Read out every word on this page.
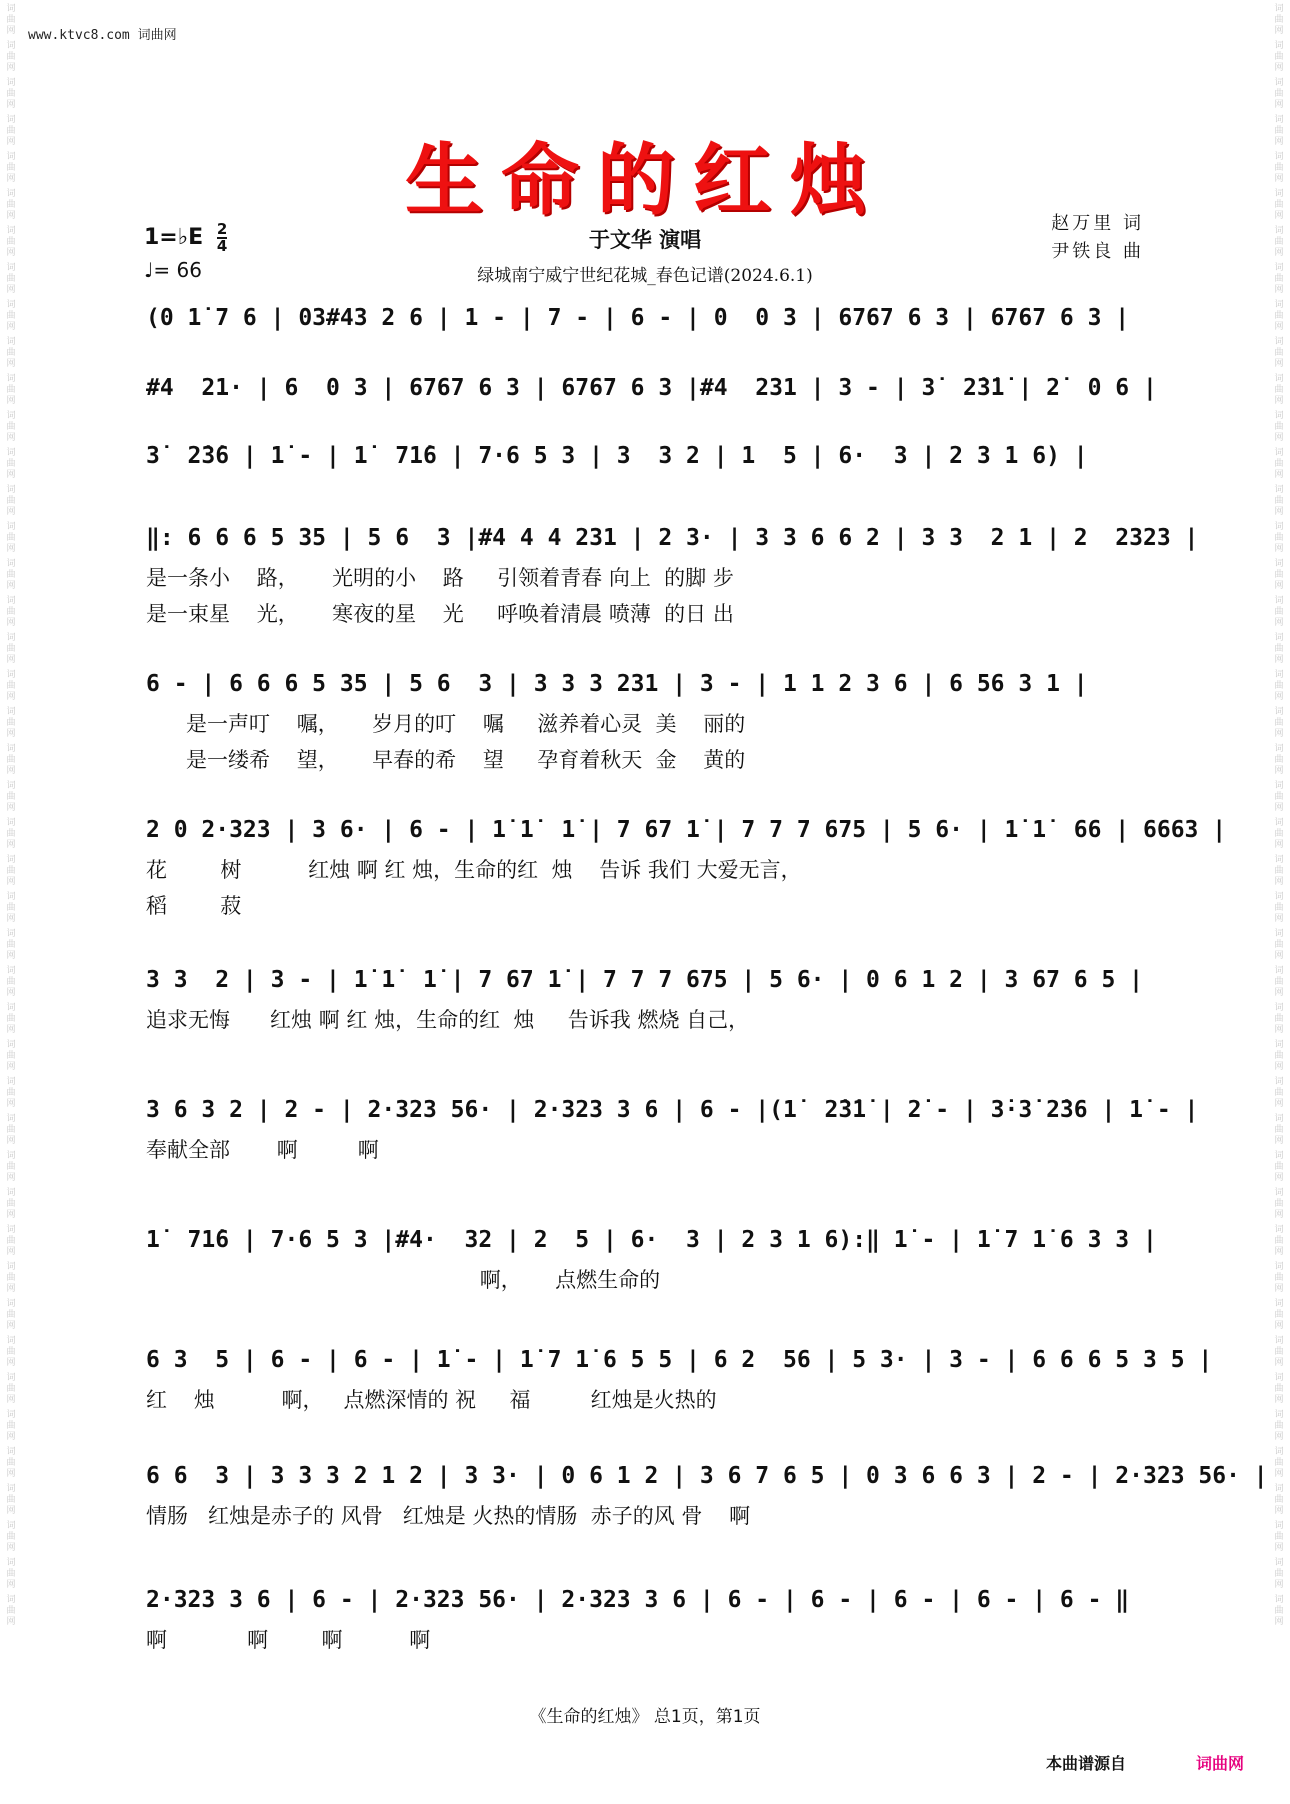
词曲网
词曲网
词曲网
词曲网
词曲网
词曲网
词曲网
词曲网
词曲网
词曲网
词曲网
词曲网
词曲网
词曲网
词曲网
词曲网
词曲网
词曲网
词曲网
词曲网
词曲网
词曲网
词曲网
词曲网
词曲网
词曲网
词曲网
词曲网
词曲网
词曲网
词曲网
词曲网
词曲网
词曲网
词曲网
词曲网
词曲网
词曲网
词曲网
词曲网
词曲网
词曲网
词曲网
词曲网
词曲网
词曲网
词曲网
词曲网
词曲网
词曲网
词曲网
词曲网
词曲网
词曲网
词曲网
词曲网
词曲网
词曲网
词曲网
词曲网
词曲网
词曲网
词曲网
词曲网
词曲网
词曲网
词曲网
词曲网
词曲网
词曲网
词曲网
词曲网
词曲网
词曲网
词曲网
词曲网
词曲网
词曲网
词曲网
词曲网
词曲网
词曲网
词曲网
词曲网
词曲网
词曲网
词曲网
词曲网
www.ktvc8.com 词曲网
生命的红烛
1=♭E $\frac{2}{4}$
♩= 66
于文华 演唱
绿城南宁威宁世纪花城_春色记谱(2024.6.1)
赵万里 词
尹铁良 曲
(0 1̇ 7 6 | 03#43 2 6 | 1 - | 7 - | 6 - | 0  0 3 | 6767 6 3 | 6767 6 3 |
#4  21· | 6  0 3 | 6767 6 3 | 6767 6 3 |#4  231 | 3 - | 3̇  2̇3̇1̇ | 2̇  0 6 |
3̇  2̇3̇6 | 1̇ - | 1̇  71̇6 | 7·6 5 3 | 3  3 2 | 1  5 | 6·  3 | 2 3 1 6) |
‖: 6 6 6 5 35 | 5 6  3 |#4 4 4 231 | 2 3· | 3 3 6 6 2 | 3 3  2 1 | 2  2323 |
是一条小    路，     光明的小    路     引领着青春 向上  的脚 步
是一束星    光，     寒夜的星    光     呼唤着清晨 喷薄  的日 出
6 - | 6 6 6 5 35 | 5 6  3 | 3 3 3 231 | 3 - | 1 1 2 3 6 | 6 56 3 1 |
是一声叮    嘱，     岁月的叮    嘱     滋养着心灵  美    丽的
是一缕希    望，     早春的希    望     孕育着秋天  金    黄的
2 0 2·323 | 3 6· | 6 - | 1̇ 1̇  1̇ | 7 67 1̇ | 7 7 7 675 | 5 6· | 1̇ 1̇  66 | 6663 |
花        树          红烛 啊 红 烛，生命的红  烛    告诉 我们 大爱无言，
稻        菽
3 3  2 | 3 - | 1̇ 1̇  1̇ | 7 67 1̇ | 7 7 7 675 | 5 6· | 0 6 1 2 | 3 67 6 5 |
追求无悔      红烛 啊 红 烛，生命的红  烛     告诉我 燃烧 自己，
3 6 3 2 | 2 - | 2·323 56· | 2·323 3 6 | 6 - |(1̇  2̇3̇1̇ | 2̇ - | 3̇·3̇ 2̇36 | 1̇ - |
奉献全部       啊         啊
1̇  71̇6 | 7·6 5 3 |#4·  32 | 2  5 | 6·  3 | 2 3 1 6):‖ 1̇ - | 1̇ 7 1̇ 6 3 3 |
啊，     点燃生命的
6 3  5 | 6 - | 6 - | 1̇ - | 1̇ 7 1̇ 6 5 5 | 6 2  56 | 5 3· | 3 - | 6 6 6 5 3 5 |
红    烛          啊，   点燃深情的 祝     福         红烛是火热的
6 6  3 | 3 3 3 2 1 2 | 3 3· | 0 6 1 2 | 3 6 7 6 5 | 0 3 6 6 3 | 2 - | 2·323 56· |
情肠   红烛是赤子的 风骨   红烛是 火热的情肠  赤子的风 骨    啊
2·323 3 6 | 6 - | 2·323 56· | 2·323 3 6 | 6 - | 6 - | 6 - | 6 - | 6 - ‖
啊            啊        啊          啊
《生命的红烛》 总1页，第1页
本曲谱源自	词曲网
